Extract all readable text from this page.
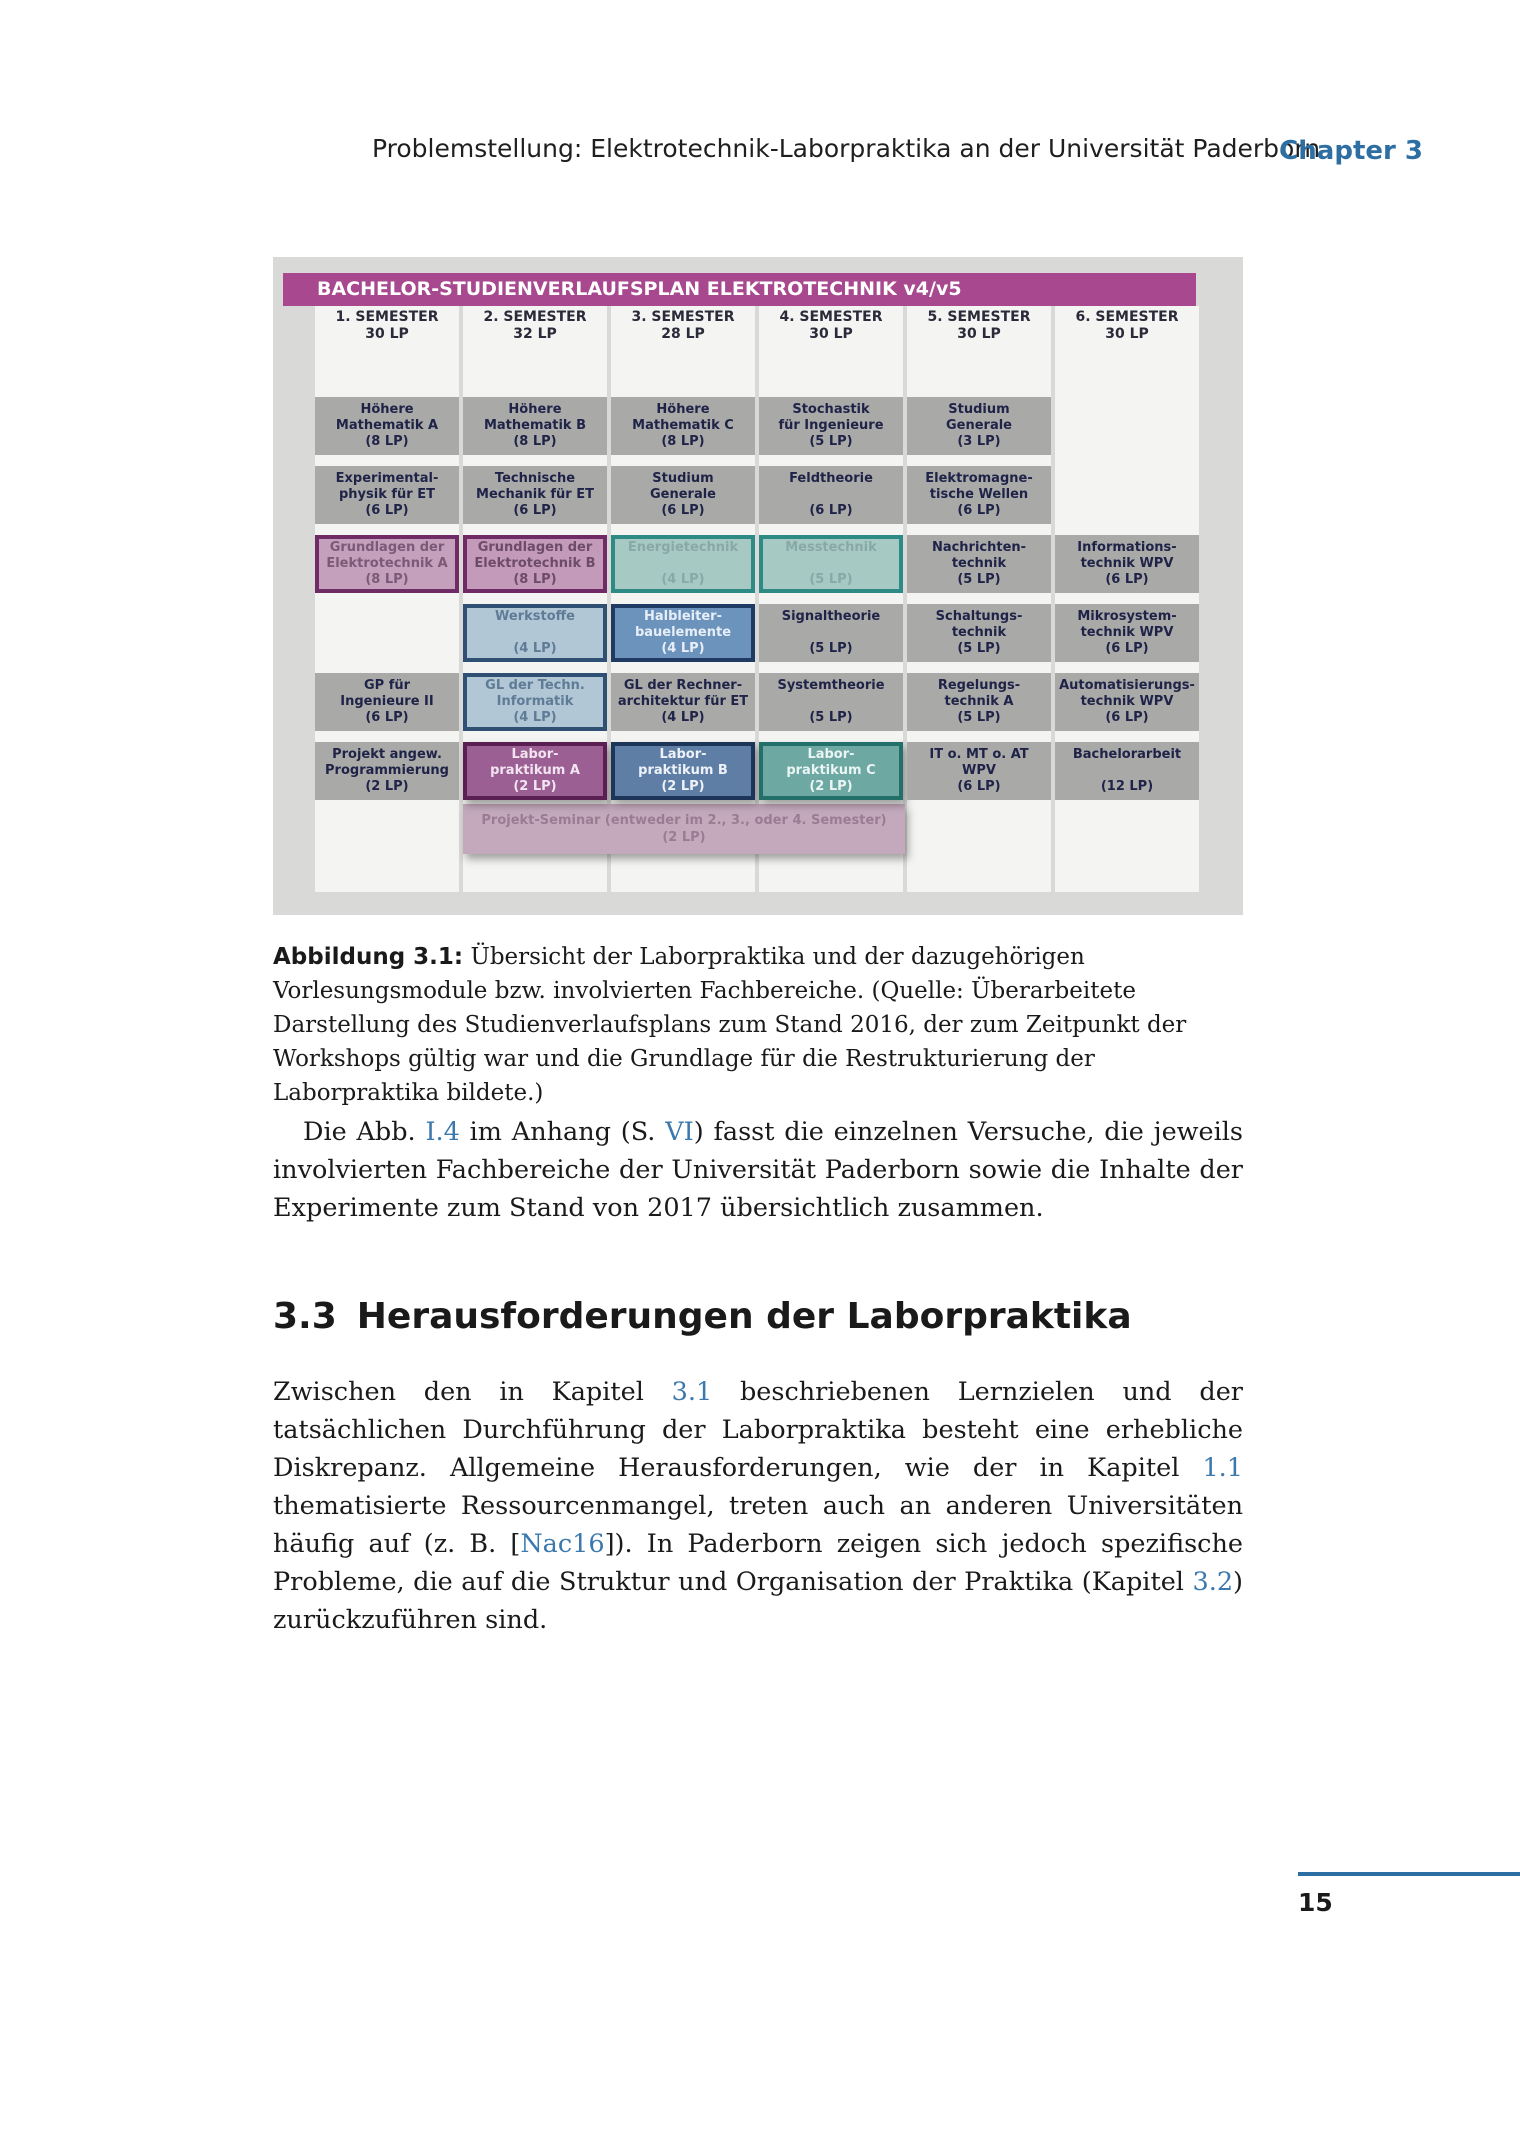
Problemstellung: Elektrotechnik-Laborpraktika an der Universität Paderborn
Chapter 3
BACHELOR-STUDIENVERLAUFSPLAN ELEKTROTECHNIK v4/v5
1. SEMESTER
30 LP
2. SEMESTER
32 LP
3. SEMESTER
28 LP
4. SEMESTER
30 LP
5. SEMESTER
30 LP
6. SEMESTER
30 LP
Höhere
Mathematik A
(8 LP)
Höhere
Mathematik B
(8 LP)
Höhere
Mathematik C
(8 LP)
Stochastik
für Ingenieure
(5 LP)
Studium
Generale
(3 LP)
Experimental-
physik für ET
(6 LP)
Technische
Mechanik für ET
(6 LP)
Studium
Generale
(6 LP)
Feldtheorie

(6 LP)
Elektromagne-
tische Wellen
(6 LP)
Grundlagen der
Elektrotechnik A
(8 LP)
Grundlagen der
Elektrotechnik B
(8 LP)
Energietechnik

(4 LP)
Messtechnik

(5 LP)
Nachrichten-
technik
(5 LP)
Informations-
technik WPV
(6 LP)
Werkstoffe

(4 LP)
Halbleiter-
bauelemente
(4 LP)
Signaltheorie

(5 LP)
Schaltungs-
technik
(5 LP)
Mikrosystem-
technik WPV
(6 LP)
GP für
Ingenieure II
(6 LP)
GL der Techn.
Informatik
(4 LP)
GL der Rechner-
architektur für ET
(4 LP)
Systemtheorie

(5 LP)
Regelungs-
technik A
(5 LP)
Automatisierungs-
technik WPV
(6 LP)
Projekt-Seminar (entweder im 2., 3., oder 4. Semester)
(2 LP)
Projekt angew.
Programmierung
(2 LP)
Labor-
praktikum A
(2 LP)
Labor-
praktikum B
(2 LP)
Labor-
praktikum C
(2 LP)
IT o. MT o. AT
WPV
(6 LP)
Bachelorarbeit

(12 LP)
Abbildung 3.1: Übersicht der Laborpraktika und der dazugehörigen Vorlesungsmodule bzw. involvierten Fachbereiche. (Quelle: Überarbeitete Darstellung des Studienverlaufsplans zum Stand 2016, der zum Zeitpunkt der Workshops gültig war und die Grundlage für die Restrukturierung der Laborpraktika bildete.)

Die Abb. I.4 im Anhang (S. VI) fasst die einzelnen Versuche, die jeweils involvierten Fachbereiche der Universität Paderborn sowie die Inhalte der Experimente zum Stand von 2017 übersichtlich zusammen.

3.3 Herausforderungen der Laborpraktika

Zwischen den in Kapitel 3.1 beschriebenen Lernzielen und der tatsächlichen Durchführung der Laborpraktika besteht eine erhebliche Diskrepanz. Allgemeine Herausforderungen, wie der in Kapitel 1.1 thematisierte Ressourcenmangel, treten auch an anderen Universitäten häufig auf (z. B. [Nac16]). In Paderborn zeigen sich jedoch spezifische Probleme, die auf die Struktur und Organisation der Praktika (Kapitel 3.2) zurückzuführen sind.

15
